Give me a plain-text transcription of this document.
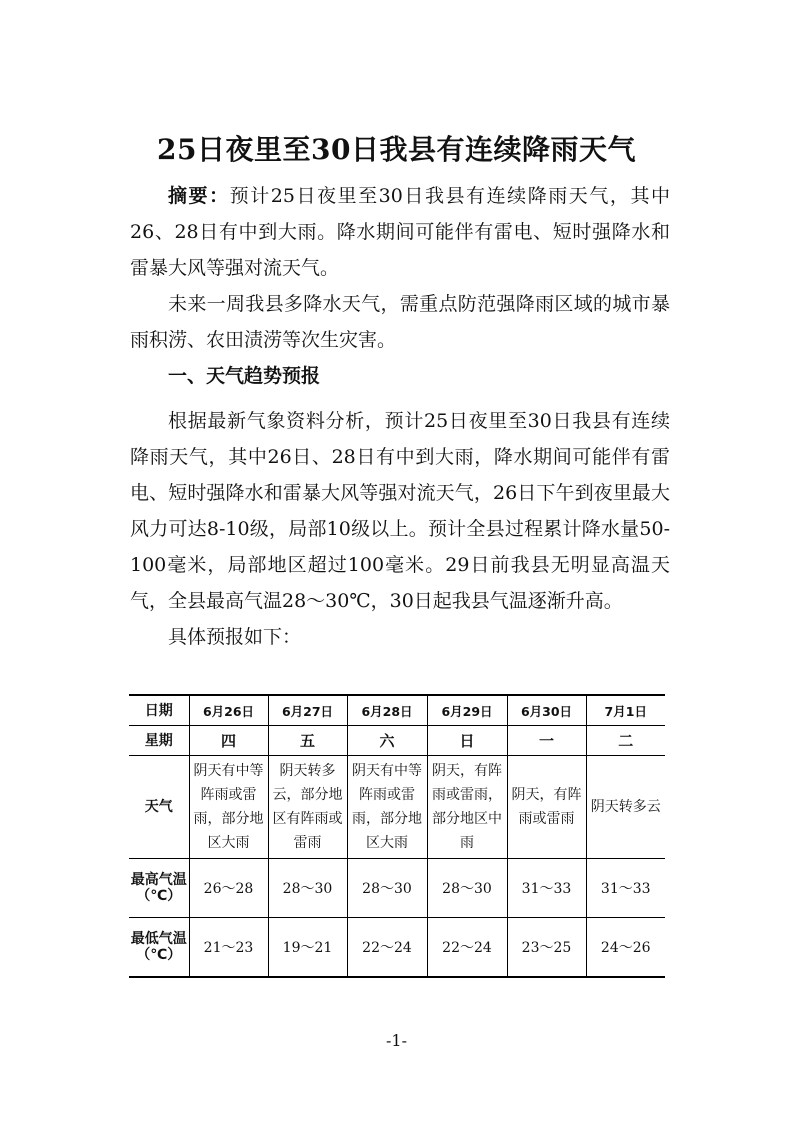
25日夜里至30日我县有连续降雨天气

摘要：预计25日夜里至30日我县有连续降雨天气，其中26、28日有中到大雨。降水期间可能伴有雷电、短时强降水和雷暴大风等强对流天气。

未来一周我县多降水天气，需重点防范强降雨区域的城市暴雨积涝、农田渍涝等次生灾害。

一、天气趋势预报

根据最新气象资料分析，预计25日夜里至30日我县有连续降雨天气，其中26日、28日有中到大雨，降水期间可能伴有雷电、短时强降水和雷暴大风等强对流天气，26日下午到夜里最大风力可达8-10级，局部10级以上。预计全县过程累计降水量50-100毫米，局部地区超过100毫米。29日前我县无明显高温天气，全县最高气温28～30℃，30日起我县气温逐渐升高。

具体预报如下：

日期	6月26日	6月27日	6月28日	6月29日	6月30日	7月1日
星期	四	五	六	日	一	二
天气	阴天有中等阵雨或雷雨，部分地区大雨	阴天转多云，部分地区有阵雨或雷雨	阴天有中等阵雨或雷雨，部分地区大雨	阴天，有阵雨或雷雨，部分地区中雨	阴天，有阵雨或雷雨	阴天转多云
最高气温（℃）	26～28	28～30	28～30	28～30	31～33	31～33
最低气温（℃）	21～23	19～21	22～24	22～24	23～25	24～26
-1-
